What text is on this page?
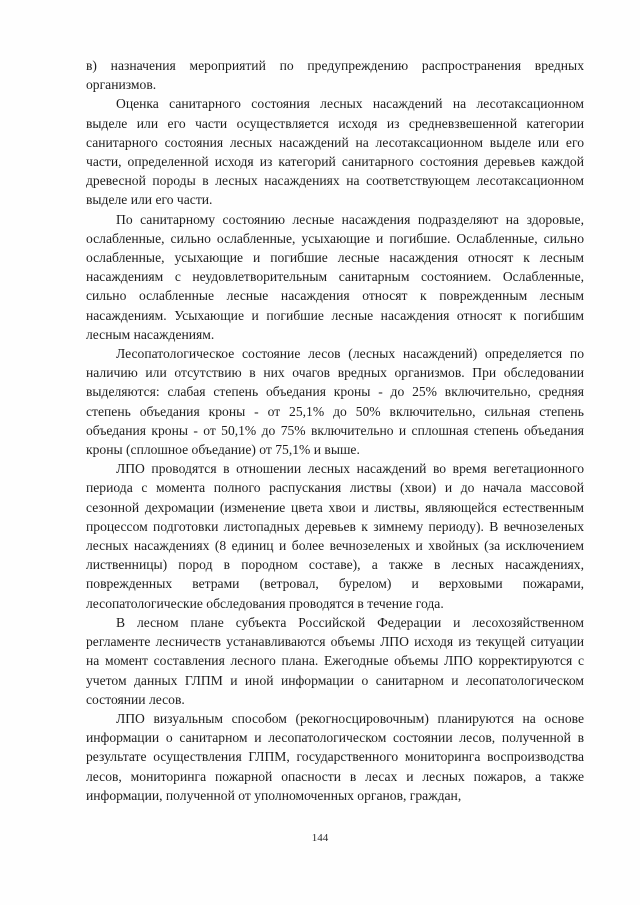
в) назначения мероприятий по предупреждению распространения вредных организмов.

Оценка санитарного состояния лесных насаждений на лесотаксационном выделе или его части осуществляется исходя из средневзвешенной категории санитарного состояния лесных насаждений на лесотаксационном выделе или его части, определенной исходя из категорий санитарного состояния деревьев каждой древесной породы в лесных насаждениях на соответствующем лесотаксационном выделе или его части.

По санитарному состоянию лесные насаждения подразделяют на здоровые, ослабленные, сильно ослабленные, усыхающие и погибшие. Ослабленные, сильно ослабленные, усыхающие и погибшие лесные насаждения относят к лесным насаждениям с неудовлетворительным санитарным состоянием. Ослабленные, сильно ослабленные лесные насаждения относят к поврежденным лесным насаждениям. Усыхающие и погибшие лесные насаждения относят к погибшим лесным насаждениям.

Лесопатологическое состояние лесов (лесных насаждений) определяется по наличию или отсутствию в них очагов вредных организмов. При обследовании выделяются: слабая степень объедания кроны - до 25% включительно, средняя степень объедания кроны - от 25,1% до 50% включительно, сильная степень объедания кроны - от 50,1% до 75% включительно и сплошная степень объедания кроны (сплошное объедание) от 75,1% и выше.

ЛПО проводятся в отношении лесных насаждений во время вегетационного периода с момента полного распускания листвы (хвои) и до начала массовой сезонной дехромации (изменение цвета хвои и листвы, являющейся естественным процессом подготовки листопадных деревьев к зимнему периоду). В вечнозеленых лесных насаждениях (8 единиц и более вечнозеленых и хвойных (за исключением лиственницы) пород в породном составе), а также в лесных насаждениях, поврежденных ветрами (ветровал, бурелом) и верховыми пожарами, лесопатологические обследования проводятся в течение года.

В лесном плане субъекта Российской Федерации и лесохозяйственном регламенте лесничеств устанавливаются объемы ЛПО исходя из текущей ситуации на момент составления лесного плана. Ежегодные объемы ЛПО корректируются с учетом данных ГЛПМ и иной информации о санитарном и лесопатологическом состоянии лесов.

ЛПО визуальным способом (рекогносцировочным) планируются на основе информации о санитарном и лесопатологическом состоянии лесов, полученной в результате осуществления ГЛПМ, государственного мониторинга воспроизводства лесов, мониторинга пожарной опасности в лесах и лесных пожаров, а также информации, полученной от уполномоченных органов, граждан,

144
